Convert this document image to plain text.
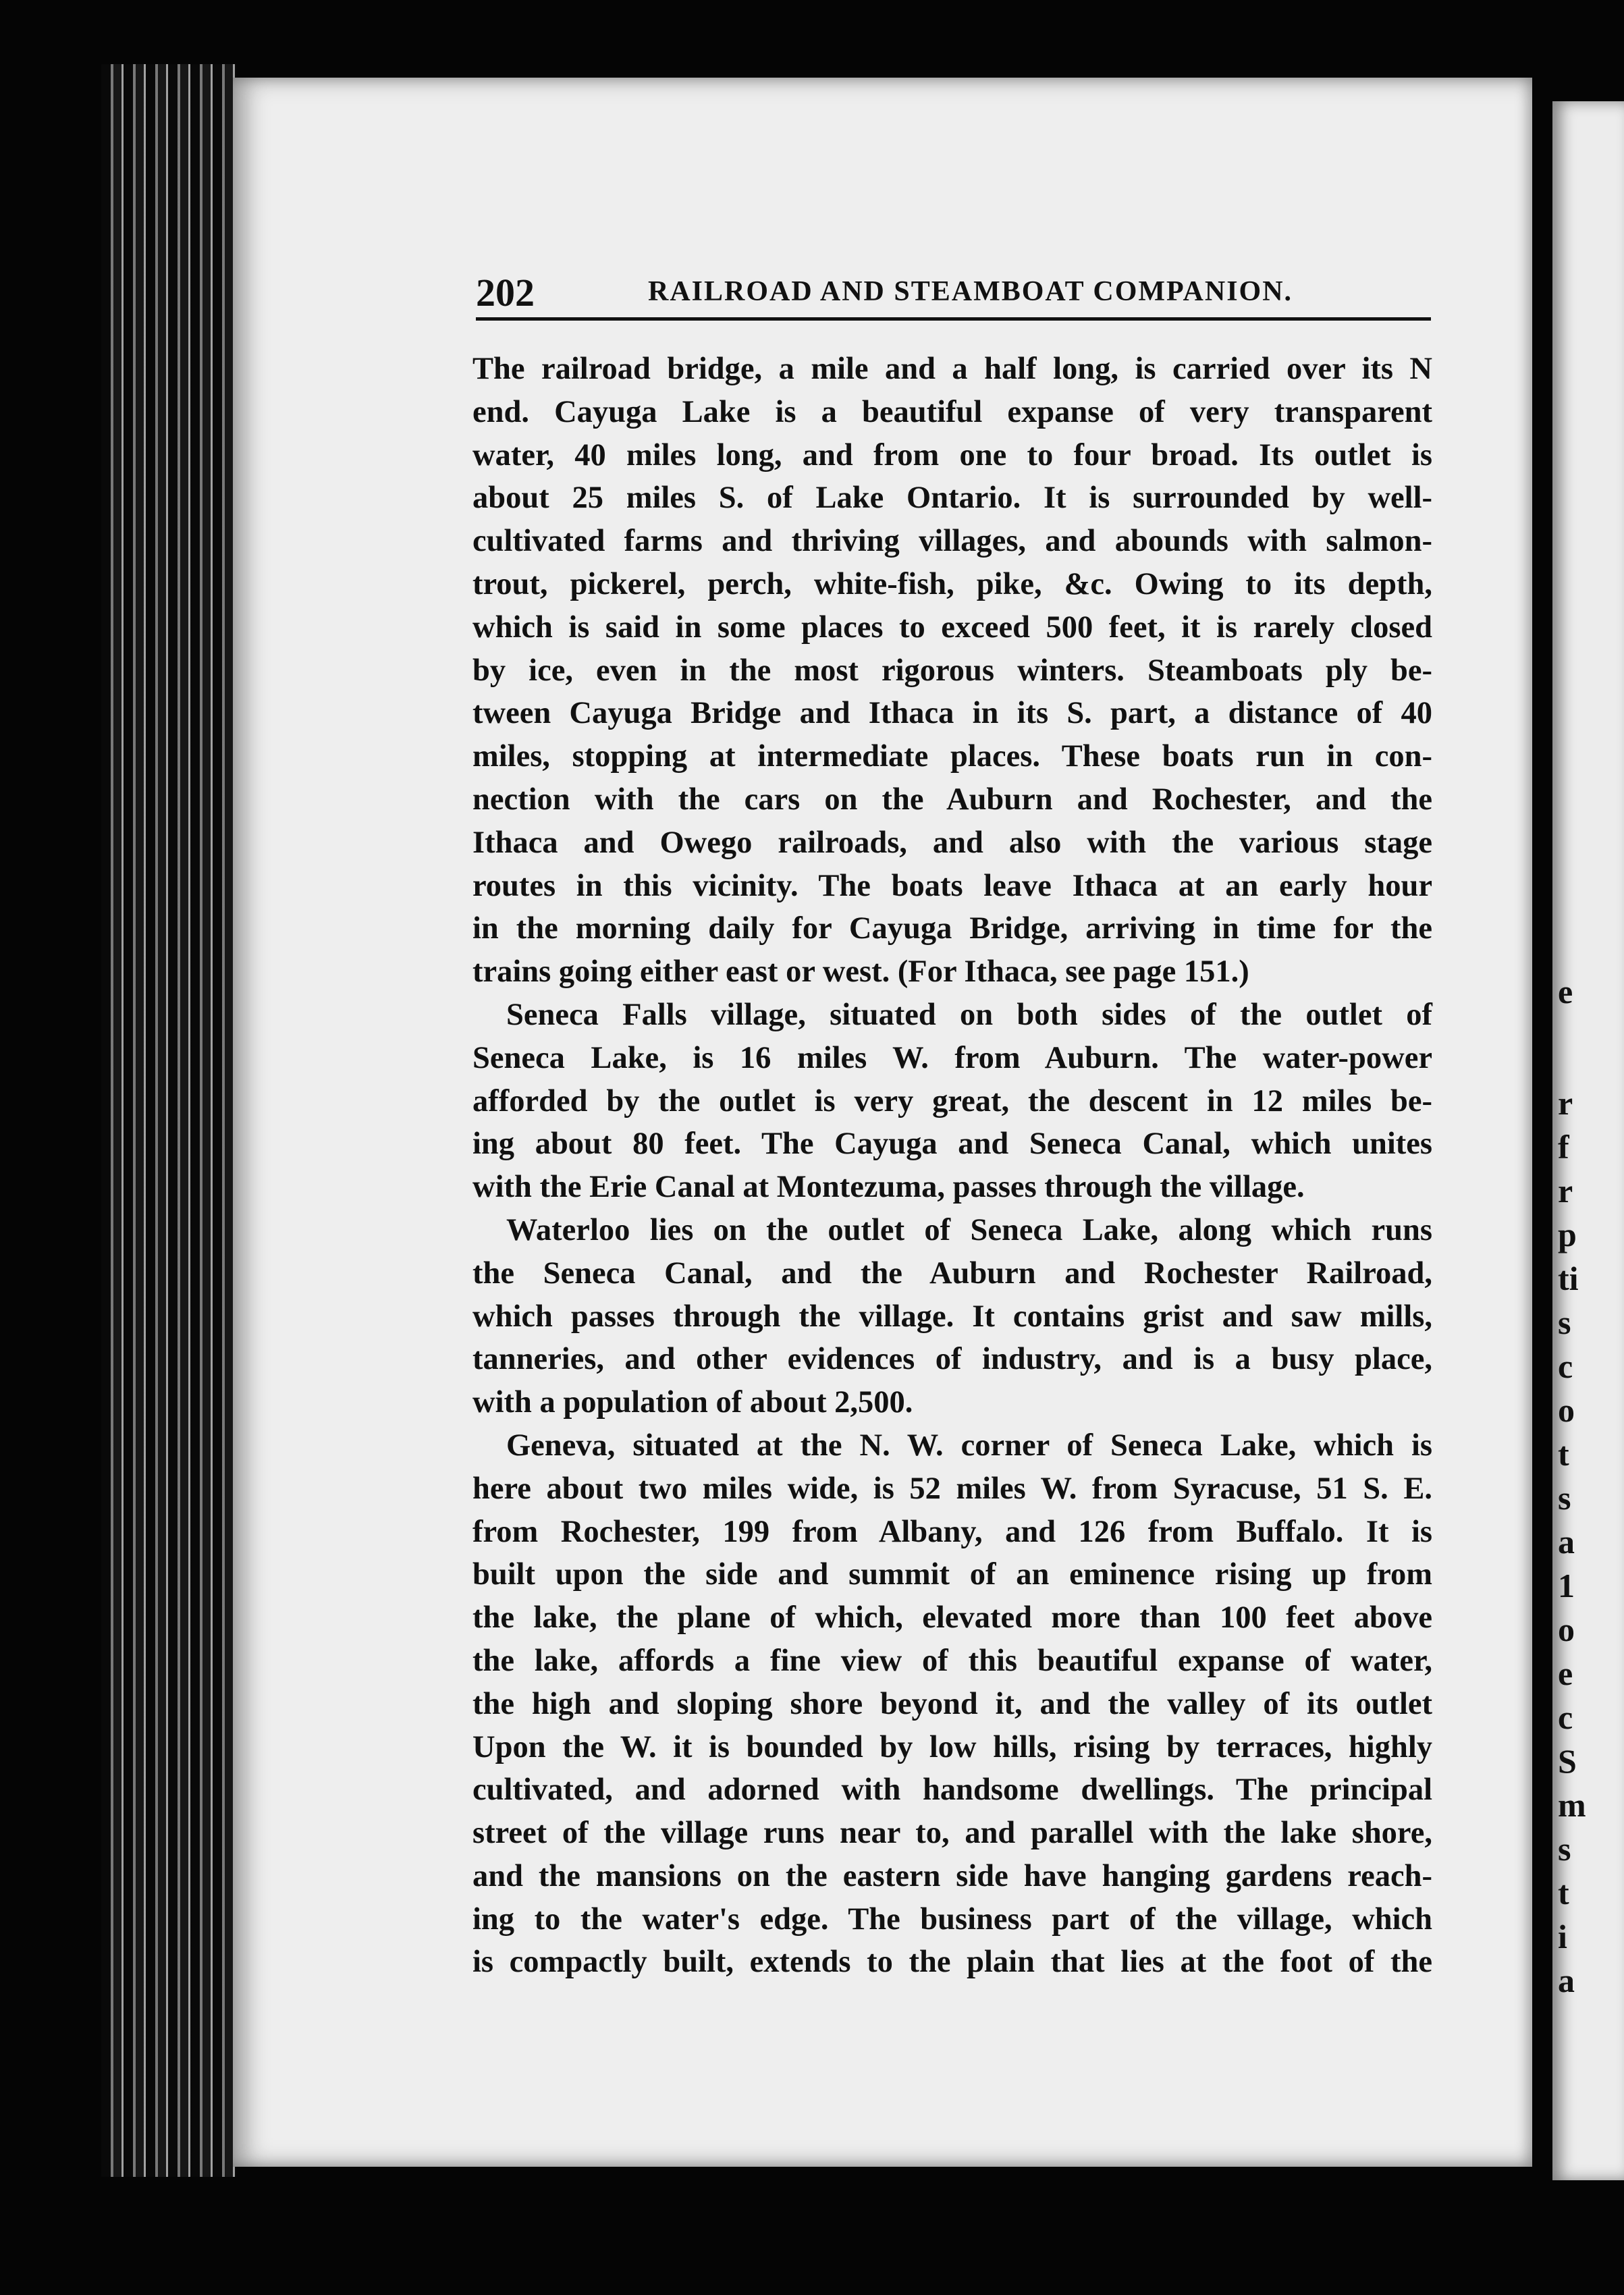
e
r
f
r
p
ti
s
c
o
t
s
a
1
o
e
c
S
m
s
t
i
a
202	RAILROAD AND STEAMBOAT COMPANION.
The railroad bridge, a mile and a half long, is carried over its N
end. Cayuga Lake is a beautiful expanse of very transparent
water, 40 miles long, and from one to four broad. Its outlet is
about 25 miles S. of Lake Ontario. It is surrounded by well-
cultivated farms and thriving villages, and abounds with salmon-
trout, pickerel, perch, white-fish, pike, &c. Owing to its depth,
which is said in some places to exceed 500 feet, it is rarely closed
by ice, even in the most rigorous winters. Steamboats ply be-
tween Cayuga Bridge and Ithaca in its S. part, a distance of 40
miles, stopping at intermediate places. These boats run in con-
nection with the cars on the Auburn and Rochester, and the
Ithaca and Owego railroads, and also with the various stage
routes in this vicinity. The boats leave Ithaca at an early hour
in the morning daily for Cayuga Bridge, arriving in time for the
trains going either east or west. (For Ithaca, see page 151.)
Seneca Falls village, situated on both sides of the outlet of
Seneca Lake, is 16 miles W. from Auburn. The water-power
afforded by the outlet is very great, the descent in 12 miles be-
ing about 80 feet. The Cayuga and Seneca Canal, which unites
with the Erie Canal at Montezuma, passes through the village.
Waterloo lies on the outlet of Seneca Lake, along which runs
the Seneca Canal, and the Auburn and Rochester Railroad,
which passes through the village. It contains grist and saw mills,
tanneries, and other evidences of industry, and is a busy place,
with a population of about 2,500.
Geneva, situated at the N. W. corner of Seneca Lake, which is
here about two miles wide, is 52 miles W. from Syracuse, 51 S. E.
from Rochester, 199 from Albany, and 126 from Buffalo. It is
built upon the side and summit of an eminence rising up from
the lake, the plane of which, elevated more than 100 feet above
the lake, affords a fine view of this beautiful expanse of water,
the high and sloping shore beyond it, and the valley of its outlet
Upon the W. it is bounded by low hills, rising by terraces, highly
cultivated, and adorned with handsome dwellings. The principal
street of the village runs near to, and parallel with the lake shore,
and the mansions on the eastern side have hanging gardens reach-
ing to the water's edge. The business part of the village, which
is compactly built, extends to the plain that lies at the foot of the
